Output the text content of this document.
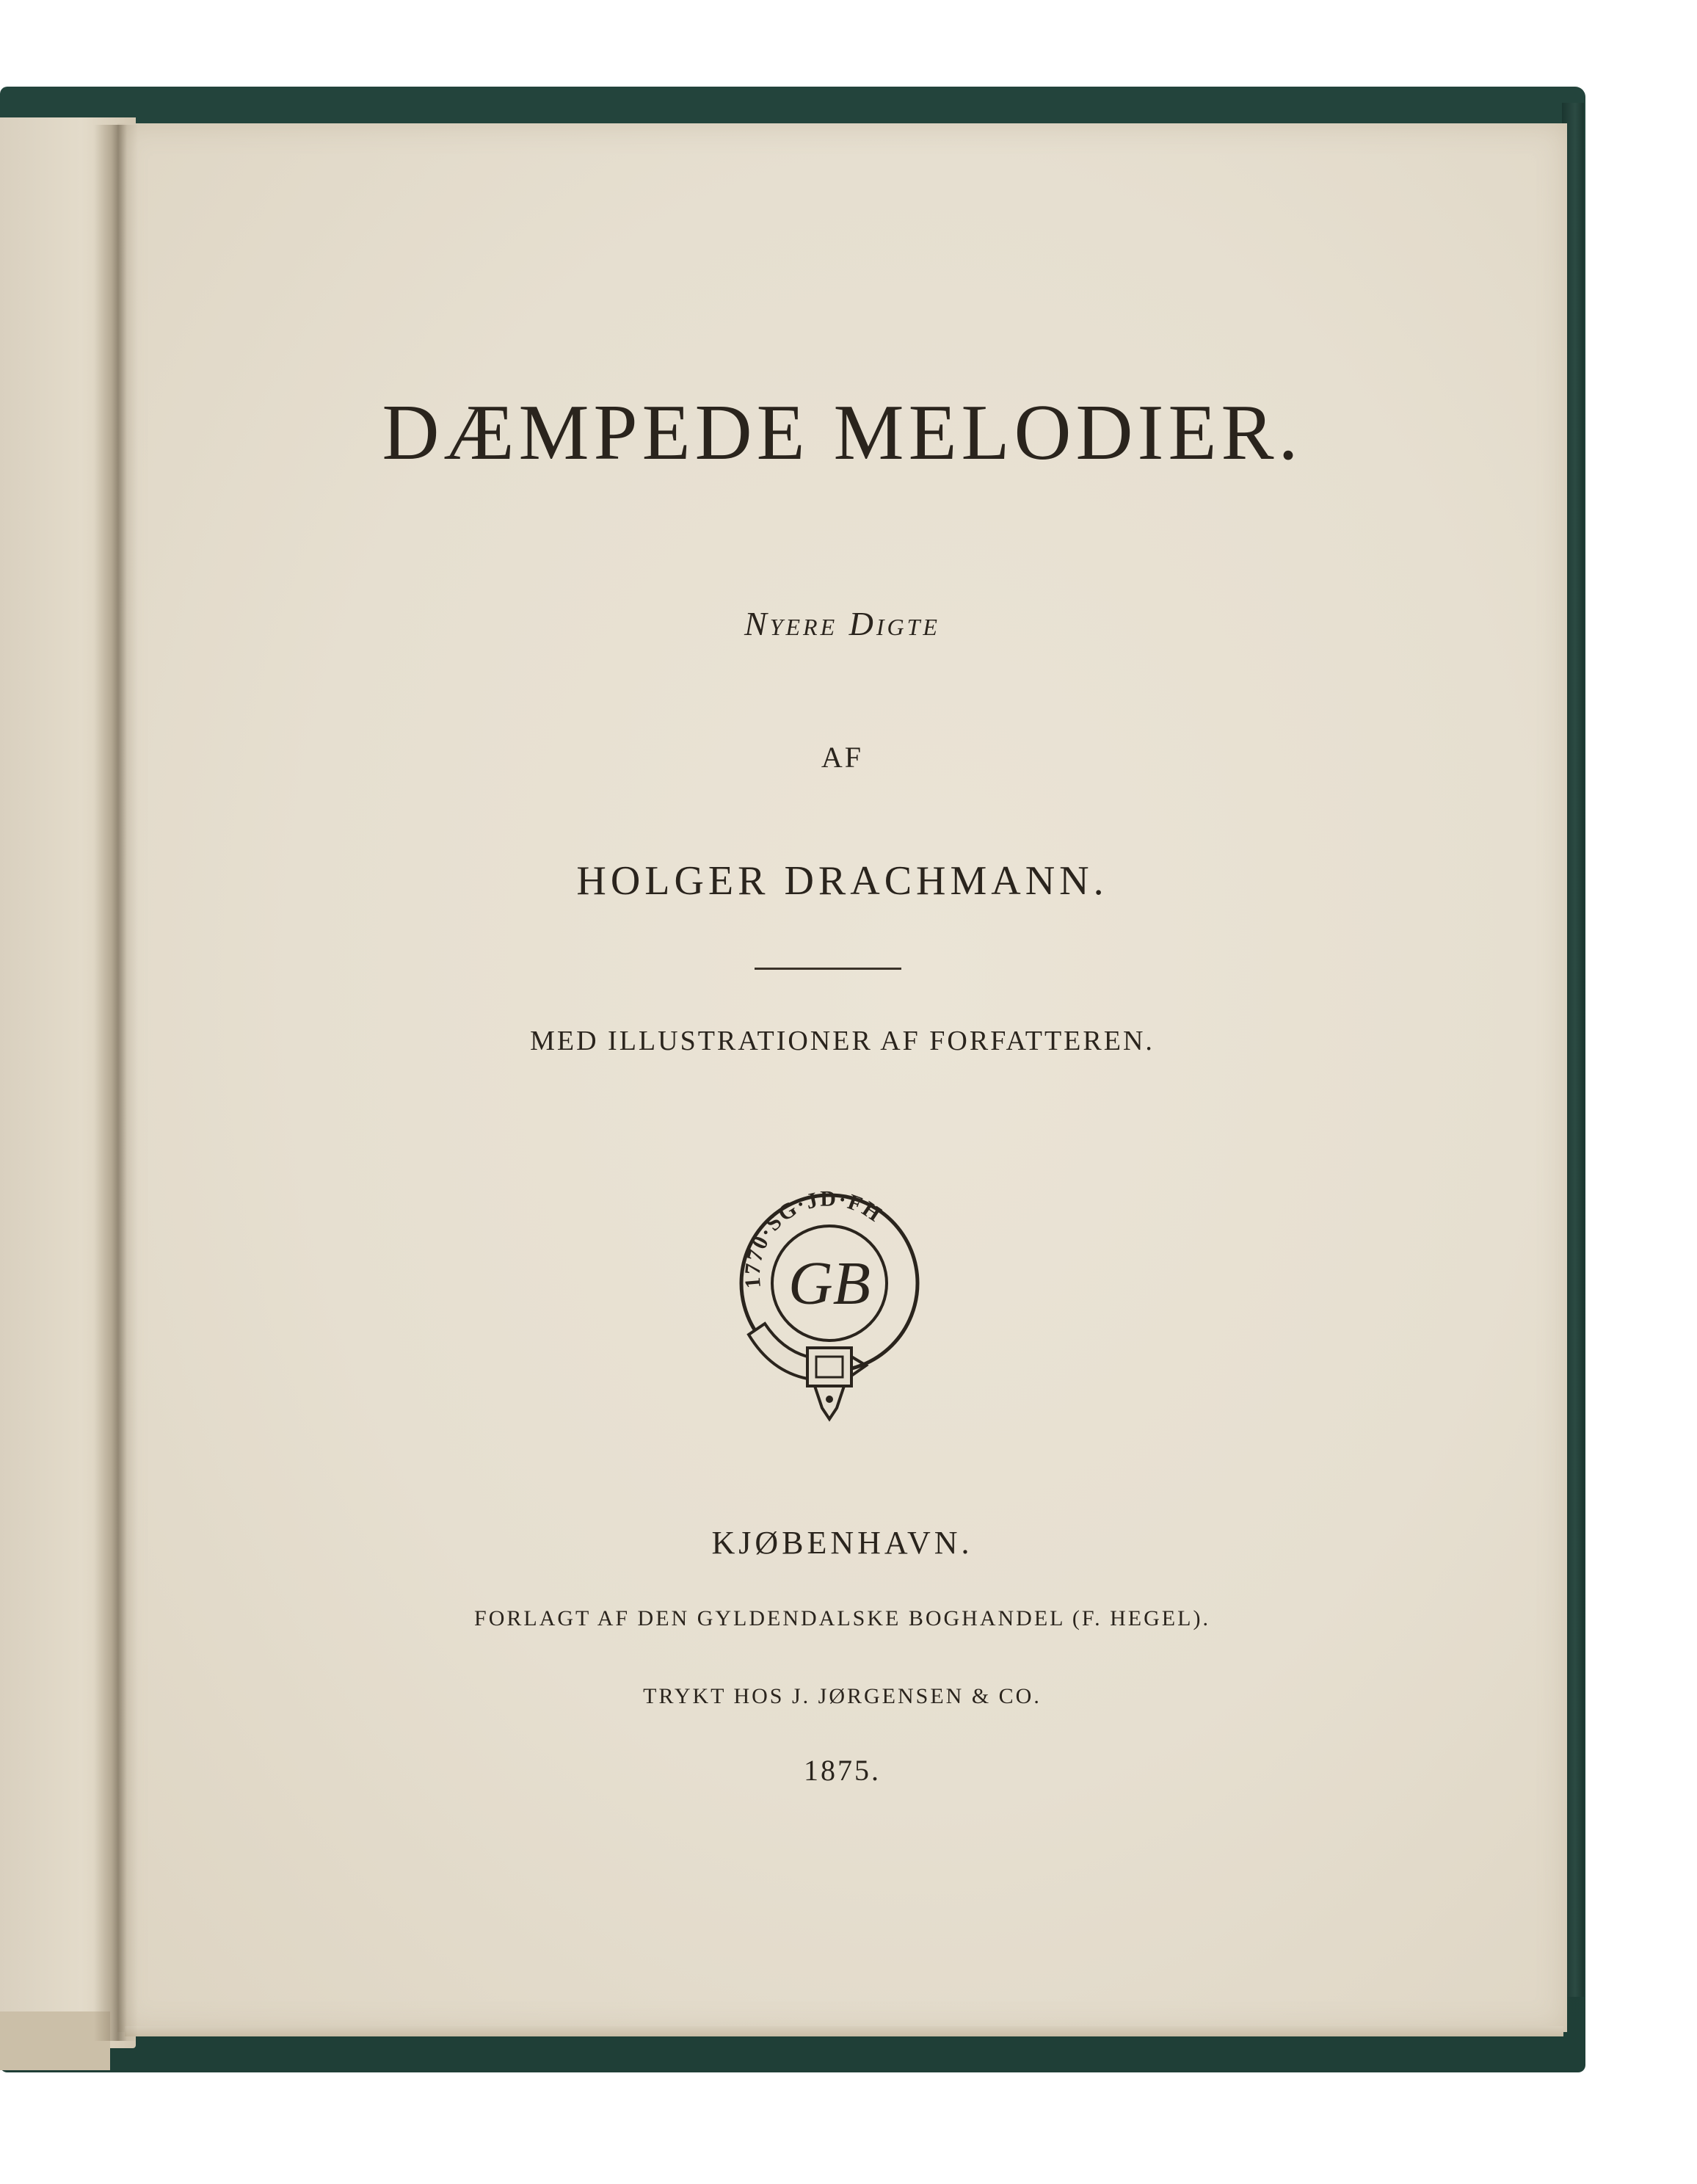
DÆMPEDE MELODIER.
Nyere Digte
AF
HOLGER DRACHMANN.
MED ILLUSTRATIONER AF FORFATTEREN.
1770·SG·JD·FH
GB
KJØBENHAVN.
FORLAGT AF DEN GYLDENDALSKE BOGHANDEL (F. HEGEL).
TRYKT HOS J. JØRGENSEN & CO.
1875.
